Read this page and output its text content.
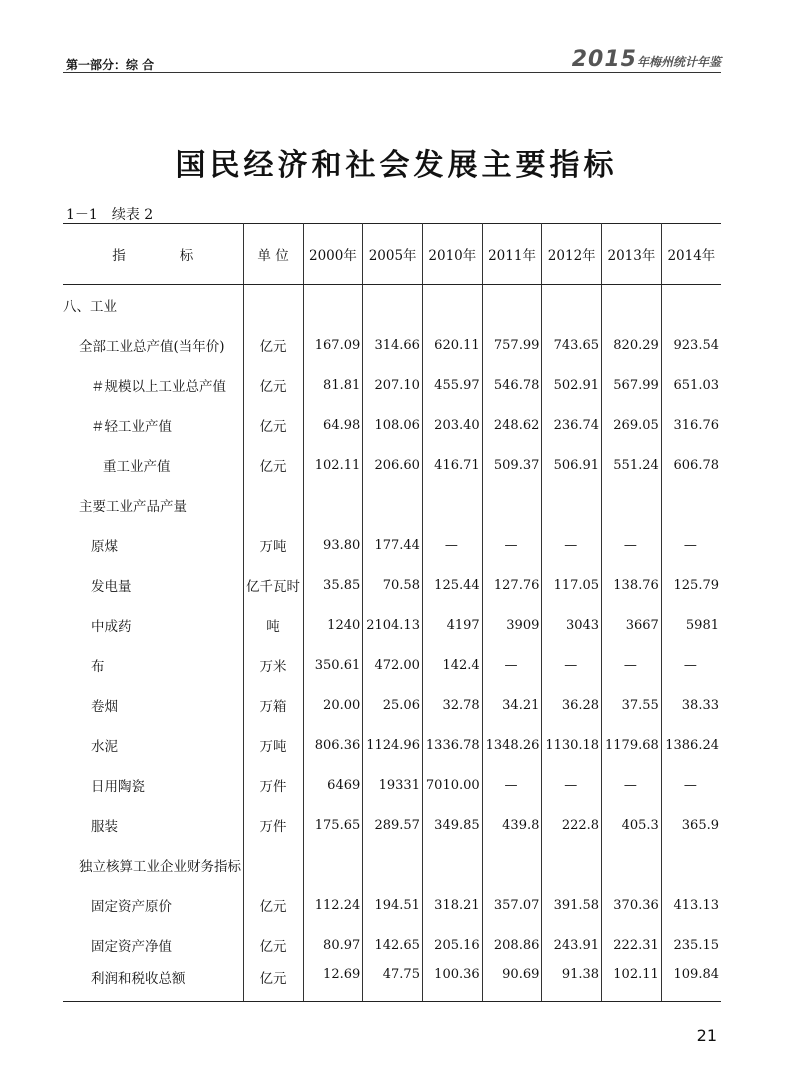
第一部分：综 合	2015年梅州统计年鉴
国民经济和社会发展主要指标
1－1　续表 2
指　　　　标	单 位	2000年	2005年	2010年	2011年	2012年	2013年	2014年
八、工业								
全部工业总产值(当年价)	亿元	167.09	314.66	620.11	757.99	743.65	820.29	923.54
＃规模以上工业总产值	亿元	81.81	207.10	455.97	546.78	502.91	567.99	651.03
＃轻工业产值	亿元	64.98	108.06	203.40	248.62	236.74	269.05	316.76
重工业产值	亿元	102.11	206.60	416.71	509.37	506.91	551.24	606.78
主要工业产品产量								
原煤	万吨	93.80	177.44	—	—	—	—	—
发电量	亿千瓦时	35.85	70.58	125.44	127.76	117.05	138.76	125.79
中成药	吨	1240	2104.13	4197	3909	3043	3667	5981
布	万米	350.61	472.00	142.4	—	—	—	—
卷烟	万箱	20.00	25.06	32.78	34.21	36.28	37.55	38.33
水泥	万吨	806.36	1124.96	1336.78	1348.26	1130.18	1179.68	1386.24
日用陶瓷	万件	6469	19331	7010.00	—	—	—	—
服装	万件	175.65	289.57	349.85	439.8	222.8	405.3	365.9
独立核算工业企业财务指标								
固定资产原价	亿元	112.24	194.51	318.21	357.07	391.58	370.36	413.13
固定资产净值	亿元	80.97	142.65	205.16	208.86	243.91	222.31	235.15
利润和税收总额	亿元	12.69	47.75	100.36	90.69	91.38	102.11	109.84
21
